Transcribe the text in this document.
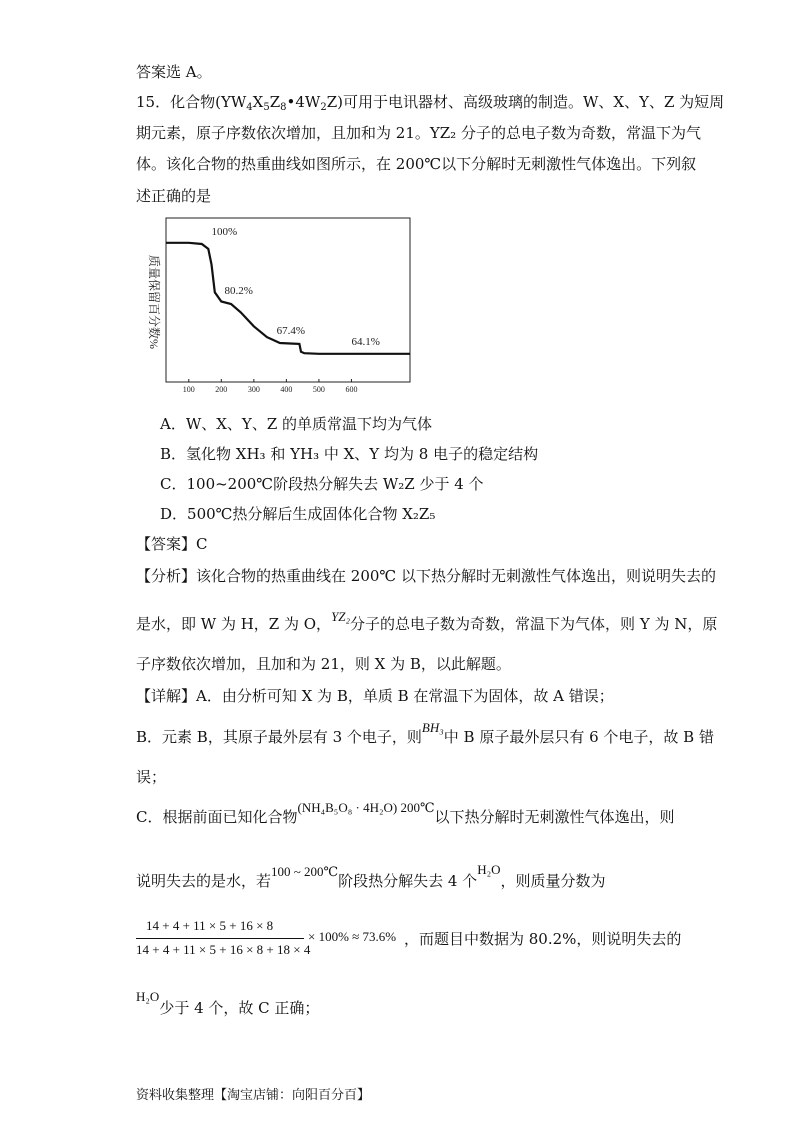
答案选 A。
15．化合物$(YW_4X_5Z_8•4W_2Z)$可用于电讯器材、高级玻璃的制造。W、X、Y、Z 为短周
期元素，原子序数依次增加，且加和为 21。YZ₂ 分子的总电子数为奇数，常温下为气
体。该化合物的热重曲线如图所示，在 200℃以下分解时无刺激性气体逸出。下列叙
述正确的是
质量保留百分数%
100	200	300	400	500	600
100%
80.2%
67.4%
64.1%
A．W、X、Y、Z 的单质常温下均为气体
B．氢化物 XH₃ 和 YH₃ 中 X、Y 均为 8 电子的稳定结构
C．100~200℃阶段热分解失去 W₂Z 少于 4 个
D．500℃热分解后生成固体化合物 X₂Z₅
【答案】C
【分析】该化合物的热重曲线在 200℃ 以下热分解时无刺激性气体逸出，则说明失去的
是水，即 W 为 H，Z 为 O，YZ₂分子的总电子数为奇数，常温下为气体，则 Y 为 N，原
子序数依次增加，且加和为 21，则 X 为 B，以此解题。
【详解】A．由分析可知 X 为 B，单质 B 在常温下为固体，故 A 错误；
B．元素 B，其原子最外层有 3 个电子，则BH₃中 B 原子最外层只有 6 个电子，故 B 错
误；
C．根据前面已知化合物(NH₄B₅O₈ · 4H₂O) 200℃以下热分解时无刺激性气体逸出，则
说明失去的是水，若100 ~ 200℃阶段热分解失去 4 个H₂O，则质量分数为
14 + 4 + 11 × 5 + 16 × 8
14 + 4 + 11 × 5 + 16 × 8 + 18 × 4
× 100% ≈ 73.6% ，而题目中数据为 80.2%，则说明失去的
H₂O少于 4 个，故 C 正确；
资料收集整理【淘宝店铺：向阳百分百】
